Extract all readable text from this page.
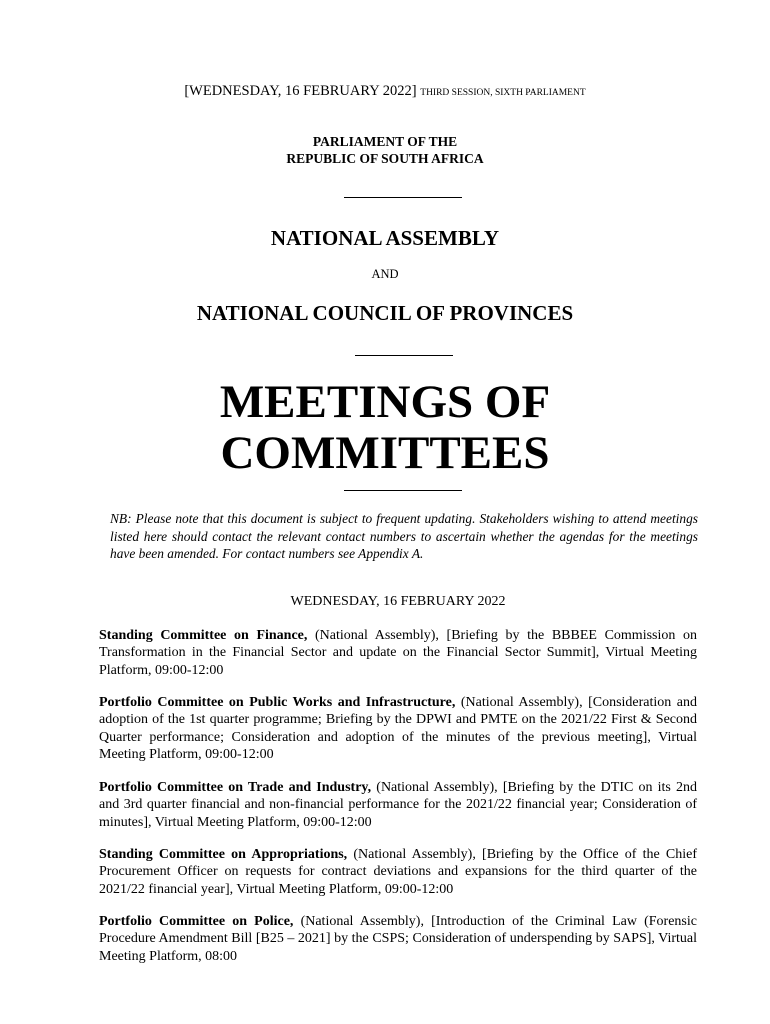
[WEDNESDAY, 16 FEBRUARY 2022] THIRD SESSION, SIXTH PARLIAMENT
PARLIAMENT OF THE
REPUBLIC OF SOUTH AFRICA
NATIONAL ASSEMBLY
AND
NATIONAL COUNCIL OF PROVINCES
MEETINGS OF
COMMITTEES
NB: Please note that this document is subject to frequent updating. Stakeholders wishing to attend meetings listed here should contact the relevant contact numbers to ascertain whether the agendas for the meetings have been amended. For contact numbers see Appendix A.
WEDNESDAY, 16 FEBRUARY 2022
Standing Committee on Finance, (National Assembly), [Briefing by the BBBEE Commission on Transformation in the Financial Sector and update on the Financial Sector Summit], Virtual Meeting Platform, 09:00-12:00
Portfolio Committee on Public Works and Infrastructure, (National Assembly), [Consideration and adoption of the 1st quarter programme; Briefing by the DPWI and PMTE on the 2021/22 First & Second Quarter performance; Consideration and adoption of the minutes of the previous meeting], Virtual Meeting Platform, 09:00-12:00
Portfolio Committee on Trade and Industry, (National Assembly), [Briefing by the DTIC on its 2nd and 3rd quarter financial and non-financial performance for the 2021/22 financial year; Consideration of minutes], Virtual Meeting Platform, 09:00-12:00
Standing Committee on Appropriations, (National Assembly), [Briefing by the Office of the Chief Procurement Officer on requests for contract deviations and expansions for the third quarter of the 2021/22 financial year], Virtual Meeting Platform, 09:00-12:00
Portfolio Committee on Police, (National Assembly), [Introduction of the Criminal Law (Forensic Procedure Amendment Bill [B25 – 2021] by the CSPS; Consideration of underspending by SAPS], Virtual Meeting Platform, 08:00
